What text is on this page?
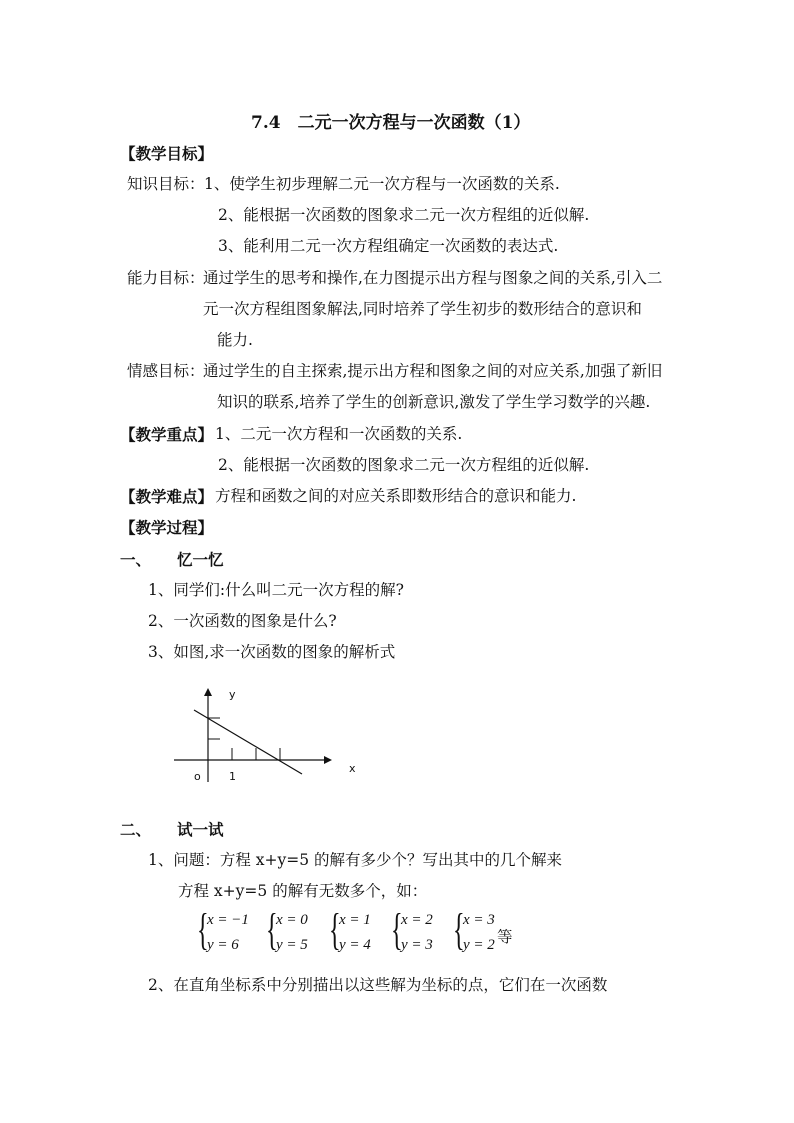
7.4　二元一次方程与一次函数（1）
【教学目标】
知识目标： 1、使学生初步理解二元一次方程与一次函数的关系.
2、能根据一次函数的图象求二元一次方程组的近似解.
3、能利用二元一次方程组确定一次函数的表达式.
能力目标：
通过学生的思考和操作,在力图提示出方程与图象之间的关系,引入二
元一次方程组图象解法,同时培养了学生初步的数形结合的意识和
能力.
情感目标：
通过学生的自主探索,提示出方程和图象之间的对应关系,加强了新旧
知识的联系,培养了学生的创新意识,激发了学生学习数学的兴趣.
【教学重点】 1、二元一次方程和一次函数的关系.
2、能根据一次函数的图象求二元一次方程组的近似解.
【教学难点】 方程和函数之间的对应关系即数形结合的意识和能力.
【教学过程】
一、 忆一忆
1、同学们:什么叫二元一次方程的解?
2、一次函数的图象是什么?
3、如图,求一次函数的图象的解析式
y
x
o	1
二、 试一试
1、问题：方程 x+y=5 的解有多少个？写出其中的几个解来
方程 x+y=5 的解有无数多个，如：
{
x = −1
y = 6 {
x = 0
y = 5 {
x = 1
y = 4 {
x = 2
y = 3 {
x = 3
y = 2 等
2、在直角坐标系中分别描出以这些解为坐标的点，它们在一次函数
